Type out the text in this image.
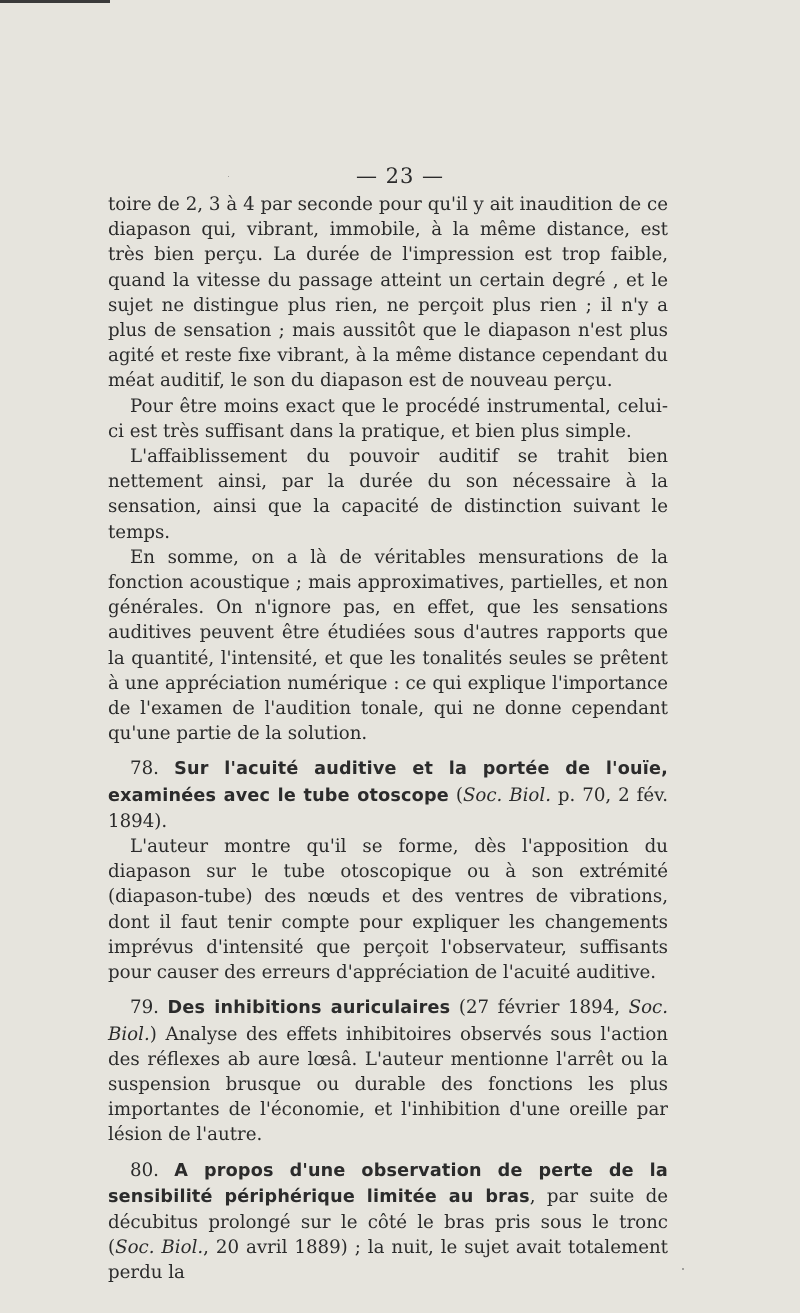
— 23 —

toire de 2, 3 à 4 par seconde pour qu'il y ait inaudition de ce diapason qui, vibrant, immobile, à la même distance, est très bien perçu. La durée de l'impression est trop faible, quand la vitesse du passage atteint un certain degré , et le sujet ne distingue plus rien, ne perçoit plus rien ; il n'y a plus de sensation ; mais aussitôt que le diapason n'est plus agité et reste fixe vibrant, à la même distance cependant du méat auditif, le son du diapason est de nouveau perçu.

Pour être moins exact que le procédé instrumental, celui-ci est très suffisant dans la pratique, et bien plus simple.

L'affaiblissement du pouvoir auditif se trahit bien nettement ainsi, par la durée du son nécessaire à la sensation, ainsi que la capacité de distinction suivant le temps.

En somme, on a là de véritables mensurations de la fonction acoustique ; mais approximatives, partielles, et non générales. On n'ignore pas, en effet, que les sensations auditives peuvent être étudiées sous d'autres rapports que la quantité, l'intensité, et que les tonalités seules se prêtent à une appréciation numérique : ce qui explique l'importance de l'examen de l'audition tonale, qui ne donne cependant qu'une partie de la solution.

78. Sur l'acuité auditive et la portée de l'ouïe, examinées avec le tube otoscope (Soc. Biol. p. 70, 2 fév. 1894).

L'auteur montre qu'il se forme, dès l'apposition du diapason sur le tube otoscopique ou à son extrémité (diapason-tube) des nœuds et des ventres de vibrations, dont il faut tenir compte pour expliquer les changements imprévus d'intensité que perçoit l'observateur, suffisants pour causer des erreurs d'appréciation de l'acuité auditive.

79. Des inhibitions auriculaires (27 février 1894, Soc. Biol.) Analyse des effets inhibitoires observés sous l'action des réflexes ab aure lœsâ. L'auteur mentionne l'arrêt ou la suspension brusque ou durable des fonctions les plus importantes de l'économie, et l'inhibition d'une oreille par lésion de l'autre.

80. A propos d'une observation de perte de la sensibilité périphérique limitée au bras, par suite de décubitus prolongé sur le côté le bras pris sous le tronc (Soc. Biol., 20 avril 1889) ; la nuit, le sujet avait totalement perdu la
